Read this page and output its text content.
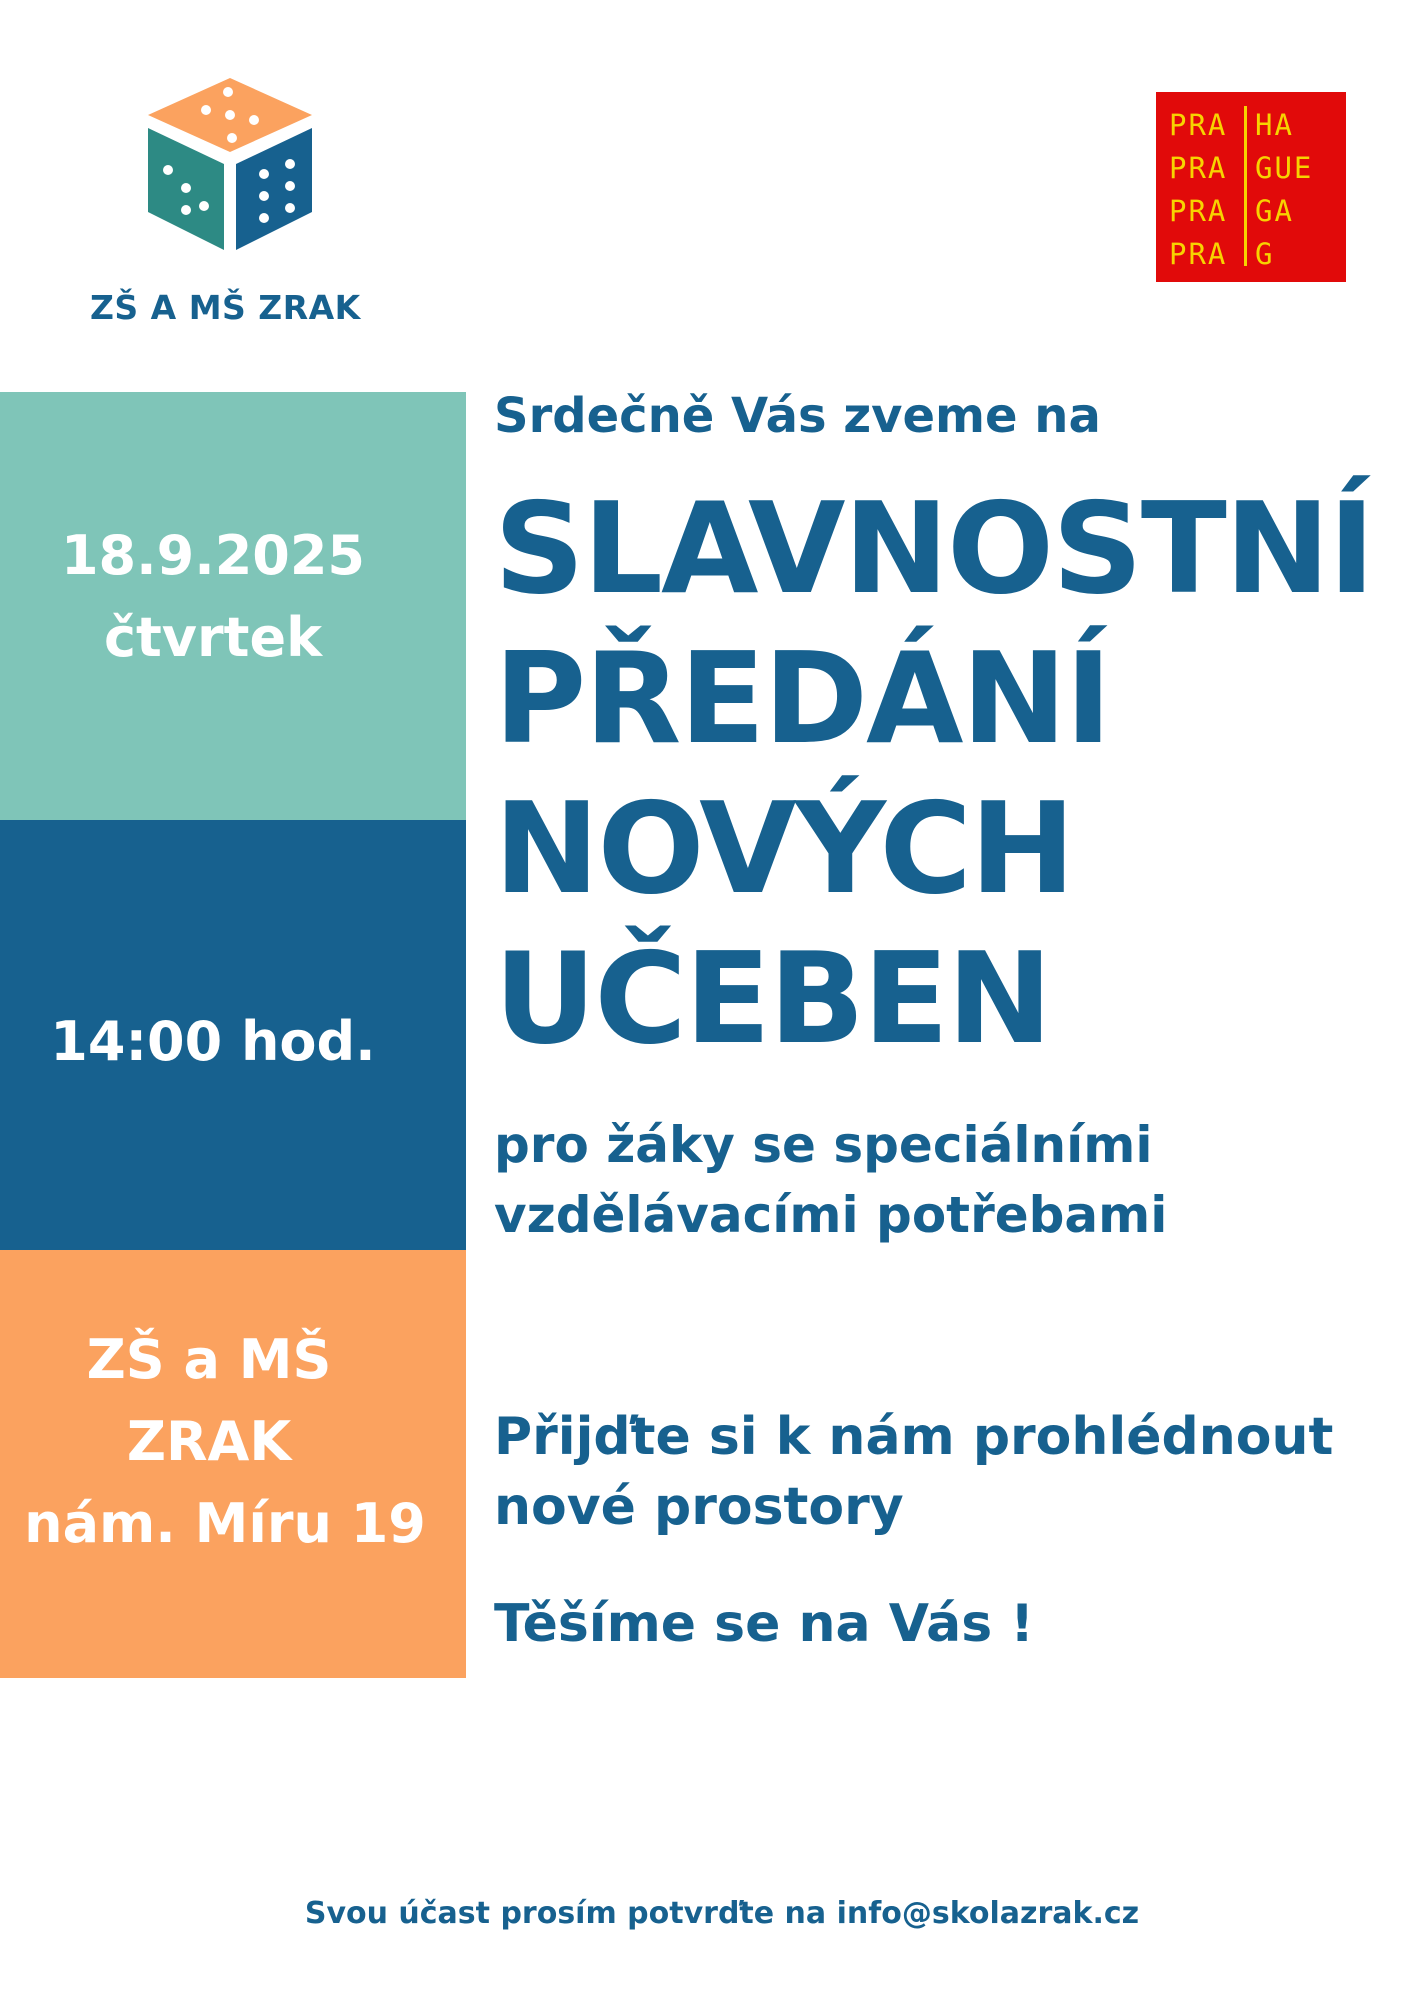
ZŠ A MŠ ZRAK
PRA
PRA
PRA
PRA
HA
GUE
GA
G
18.9.2025
čtvrtek
14:00 hod.
ZŠ a MŠ
ZRAK
nám. Míru 19
Srdečně Vás zveme na
SLAVNOSTNÍ
PŘEDÁNÍ
NOVÝCH
UČEBEN
pro žáky se speciálními
vzdělávacími potřebami
Přijďte si k nám prohlédnout
nové prostory
Těšíme se na Vás !
Svou účast prosím potvrďte na info@skolazrak.cz
